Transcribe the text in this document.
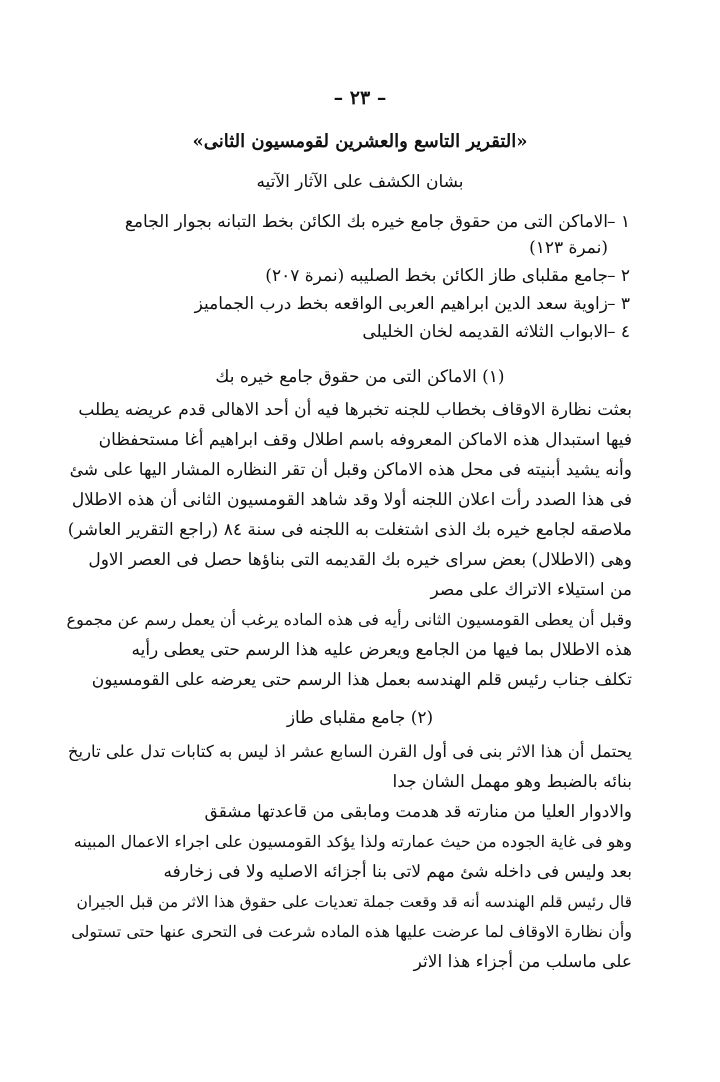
– ٢٣ –
«التقرير التاسع والعشرين لقومسيون الثانى»
بشان الكشف على الآثار الآتيه
١ –
الاماكن التى من حقوق جامع خيره بك الكائن بخط التبانه بجوار الجامع
(نمرة ١٢٣)
٢ –
جامع مقلباى طاز الكائن بخط الصليبه (نمرة ٢٠٧)
٣ –
زاوية سعد الدين ابراهيم العربى الواقعه بخط درب الجماميز
٤ –
الابواب الثلاثه القديمه لخان الخليلى
(١) الاماكن التى من حقوق جامع خيره بك
بعثت نظارة الاوقاف بخطاب للجنه تخبرها فيه أن أحد الاهالى قدم عريضه يطلب
فيها استبدال هذه الاماكن المعروفه باسم اطلال وقف ابراهيم أغا مستحفظان
وأنه يشيد أبنيته فى محل هذه الاماكن وقبل أن تقر النظاره المشار اليها على شئ
فى هذا الصدد رأت اعلان اللجنه أولا وقد شاهد القومسيون الثانى أن هذه الاطلال
ملاصقه لجامع خيره بك الذى اشتغلت به اللجنه فى سنة ٨٤ (راجع التقرير العاشر)
وهى (الاطلال) بعض سراى خيره بك القديمه التى بناؤها حصل فى العصر الاول
من استيلاء الاتراك على مصر
وقبل أن يعطى القومسيون الثانى رأيه فى هذه الماده يرغب أن يعمل رسم عن مجموع
هذه الاطلال بما فيها من الجامع ويعرض عليه هذا الرسم حتى يعطى رأيه
تكلف جناب رئيس قلم الهندسه بعمل هذا الرسم حتى يعرضه على القومسيون
(٢) جامع مقلباى طاز
يحتمل أن هذا الاثر بنى فى أول القرن السابع عشر اذ ليس به كتابات تدل على تاريخ
بنائه بالضبط وهو مهمل الشان جدا
والادوار العليا من منارته قد هدمت ومابقى من قاعدتها مشقق
وهو فى غاية الجوده من حيث عمارته ولذا يؤكد القومسيون على اجراء الاعمال المبينه
بعد وليس فى داخله شئ مهم لاتى بنا أجزائه الاصليه ولا فى زخارفه
قال رئيس قلم الهندسه أنه قد وقعت جملة تعديات على حقوق هذا الاثر من قبل الجيران
وأن نظارة الاوقاف لما عرضت عليها هذه الماده شرعت فى التحرى عنها حتى تستولى
على ماسلب من أجزاء هذا الاثر
